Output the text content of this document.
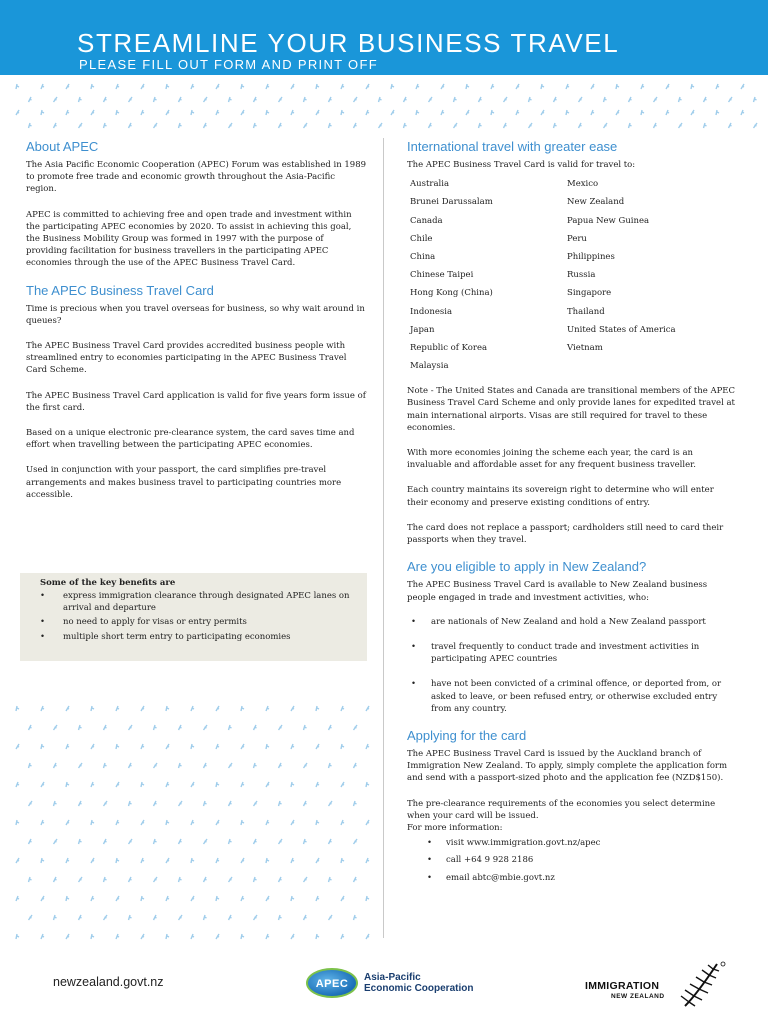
STREAMLINE YOUR BUSINESS TRAVEL
PLEASE FILL OUT FORM AND PRINT OFF
About APEC

The Asia Pacific Economic Cooperation (APEC) Forum was established in 1989 to promote free trade and economic growth throughout the Asia-Pacific region.

APEC is committed to achieving free and open trade and investment within the participating APEC economies by 2020. To assist in achieving this goal, the Business Mobility Group was formed in 1997 with the purpose of providing facilitation for business travellers in the participating APEC economies through the use of the APEC Business Travel Card.

The APEC Business Travel Card

Time is precious when you travel overseas for business, so why wait around in queues?

The APEC Business Travel Card provides accredited business people with streamlined entry to economies participating in the APEC Business Travel Card Scheme.

The APEC Business Travel Card application is valid for five years form issue of the first card.

Based on a unique electronic pre-clearance system, the card saves time and effort when travelling between the participating APEC economies.

Used in conjunction with your passport, the card simplifies pre-travel arrangements and makes business travel to participating countries more accessible.

Some of the key benefits are
• express immigration clearance through designated APEC lanes on arrival and departure
• no need to apply for visas or entry permits
• multiple short term entry to participating economies
International travel with greater ease

The APEC Business Travel Card is valid for travel to:

Australia	Mexico
Brunei Darussalam	New Zealand
Canada	Papua New Guinea
Chile	Peru
China	Philippines
Chinese Taipei	Russia
Hong Kong (China)	Singapore
Indonesia	Thailand
Japan	United States of America
Republic of Korea	Vietnam
Malaysia	

Note - The United States and Canada are transitional members of the APEC Business Travel Card Scheme and only provide lanes for expedited travel at main international airports. Visas are still required for travel to these economies.

With more economies joining the scheme each year, the card is an invaluable and affordable asset for any frequent business traveller.

Each country maintains its sovereign right to determine who will enter their economy and preserve existing conditions of entry.

The card does not replace a passport; cardholders still need to card their passports when they travel.

Are you eligible to apply in New Zealand?

The APEC Business Travel Card is available to New Zealand business people engaged in trade and investment activities, who:

• are nationals of New Zealand and hold a New Zealand passport
• travel frequently to conduct trade and investment activities in participating APEC countries
• have not been convicted of a criminal offence, or deported from, or asked to leave, or been refused entry, or otherwise excluded entry from any country.
Applying for the card

The APEC Business Travel Card is issued by the Auckland branch of Immigration New Zealand. To apply, simply complete the application form and send with a passport-sized photo and the application fee (NZD$150).

The pre-clearance requirements of the economies you select determine when your card will be issued.

For more information:

• visit www.immigration.govt.nz/apec
• call +64 9 928 2186
• email abtc@mbie.govt.nz
newzealand.govt.nz	APEC
Asia-Pacific
Economic Cooperation	IMMIGRATION
NEW ZEALAND
